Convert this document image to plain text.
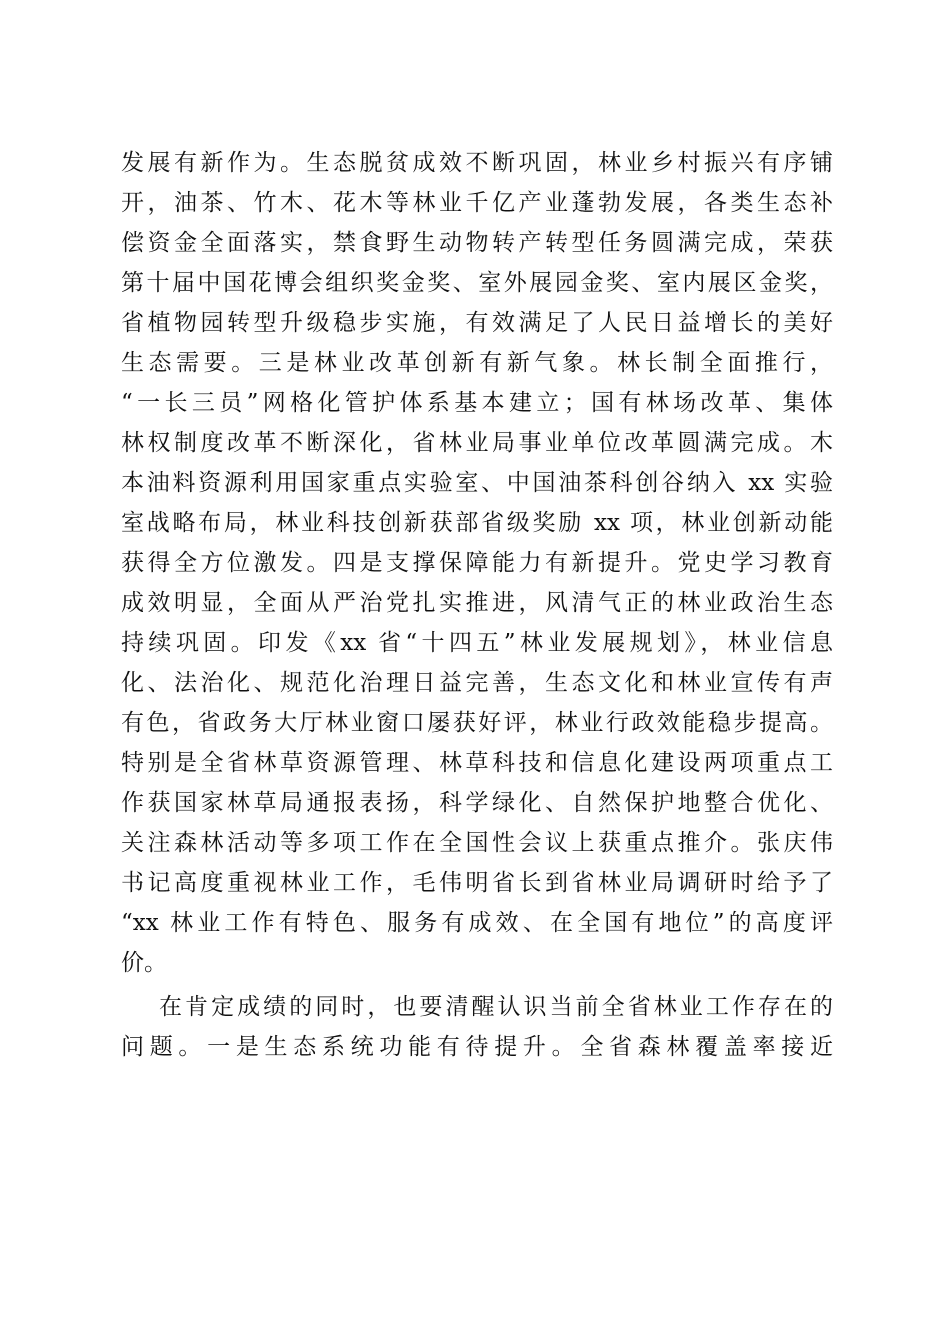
发展有新作为。生态脱贫成效不断巩固，林业乡村振兴有序铺
开，油茶、竹木、花木等林业千亿产业蓬勃发展，各类生态补
偿资金全面落实，禁食野生动物转产转型任务圆满完成，荣获
第十届中国花博会组织奖金奖、室外展园金奖、室内展区金奖，
省植物园转型升级稳步实施，有效满足了人民日益增长的美好
生态需要。三是林业改革创新有新气象。林长制全面推行，
“一长三员”网格化管护体系基本建立；国有林场改革、集体
林权制度改革不断深化，省林业局事业单位改革圆满完成。木
本油料资源利用国家重点实验室、中国油茶科创谷纳入 xx 实验
室战略布局，林业科技创新获部省级奖励 xx 项，林业创新动能
获得全方位激发。四是支撑保障能力有新提升。党史学习教育
成效明显，全面从严治党扎实推进，风清气正的林业政治生态
持续巩固。印发《xx 省“十四五”林业发展规划》，林业信息
化、法治化、规范化治理日益完善，生态文化和林业宣传有声
有色，省政务大厅林业窗口屡获好评，林业行政效能稳步提高。
特别是全省林草资源管理、林草科技和信息化建设两项重点工
作获国家林草局通报表扬，科学绿化、自然保护地整合优化、
关注森林活动等多项工作在全国性会议上获重点推介。张庆伟
书记高度重视林业工作，毛伟明省长到省林业局调研时给予了
“xx 林业工作有特色、服务有成效、在全国有地位”的高度评
价。
在肯定成绩的同时，也要清醒认识当前全省林业工作存在的
问题。一是生态系统功能有待提升。全省森林覆盖率接近
